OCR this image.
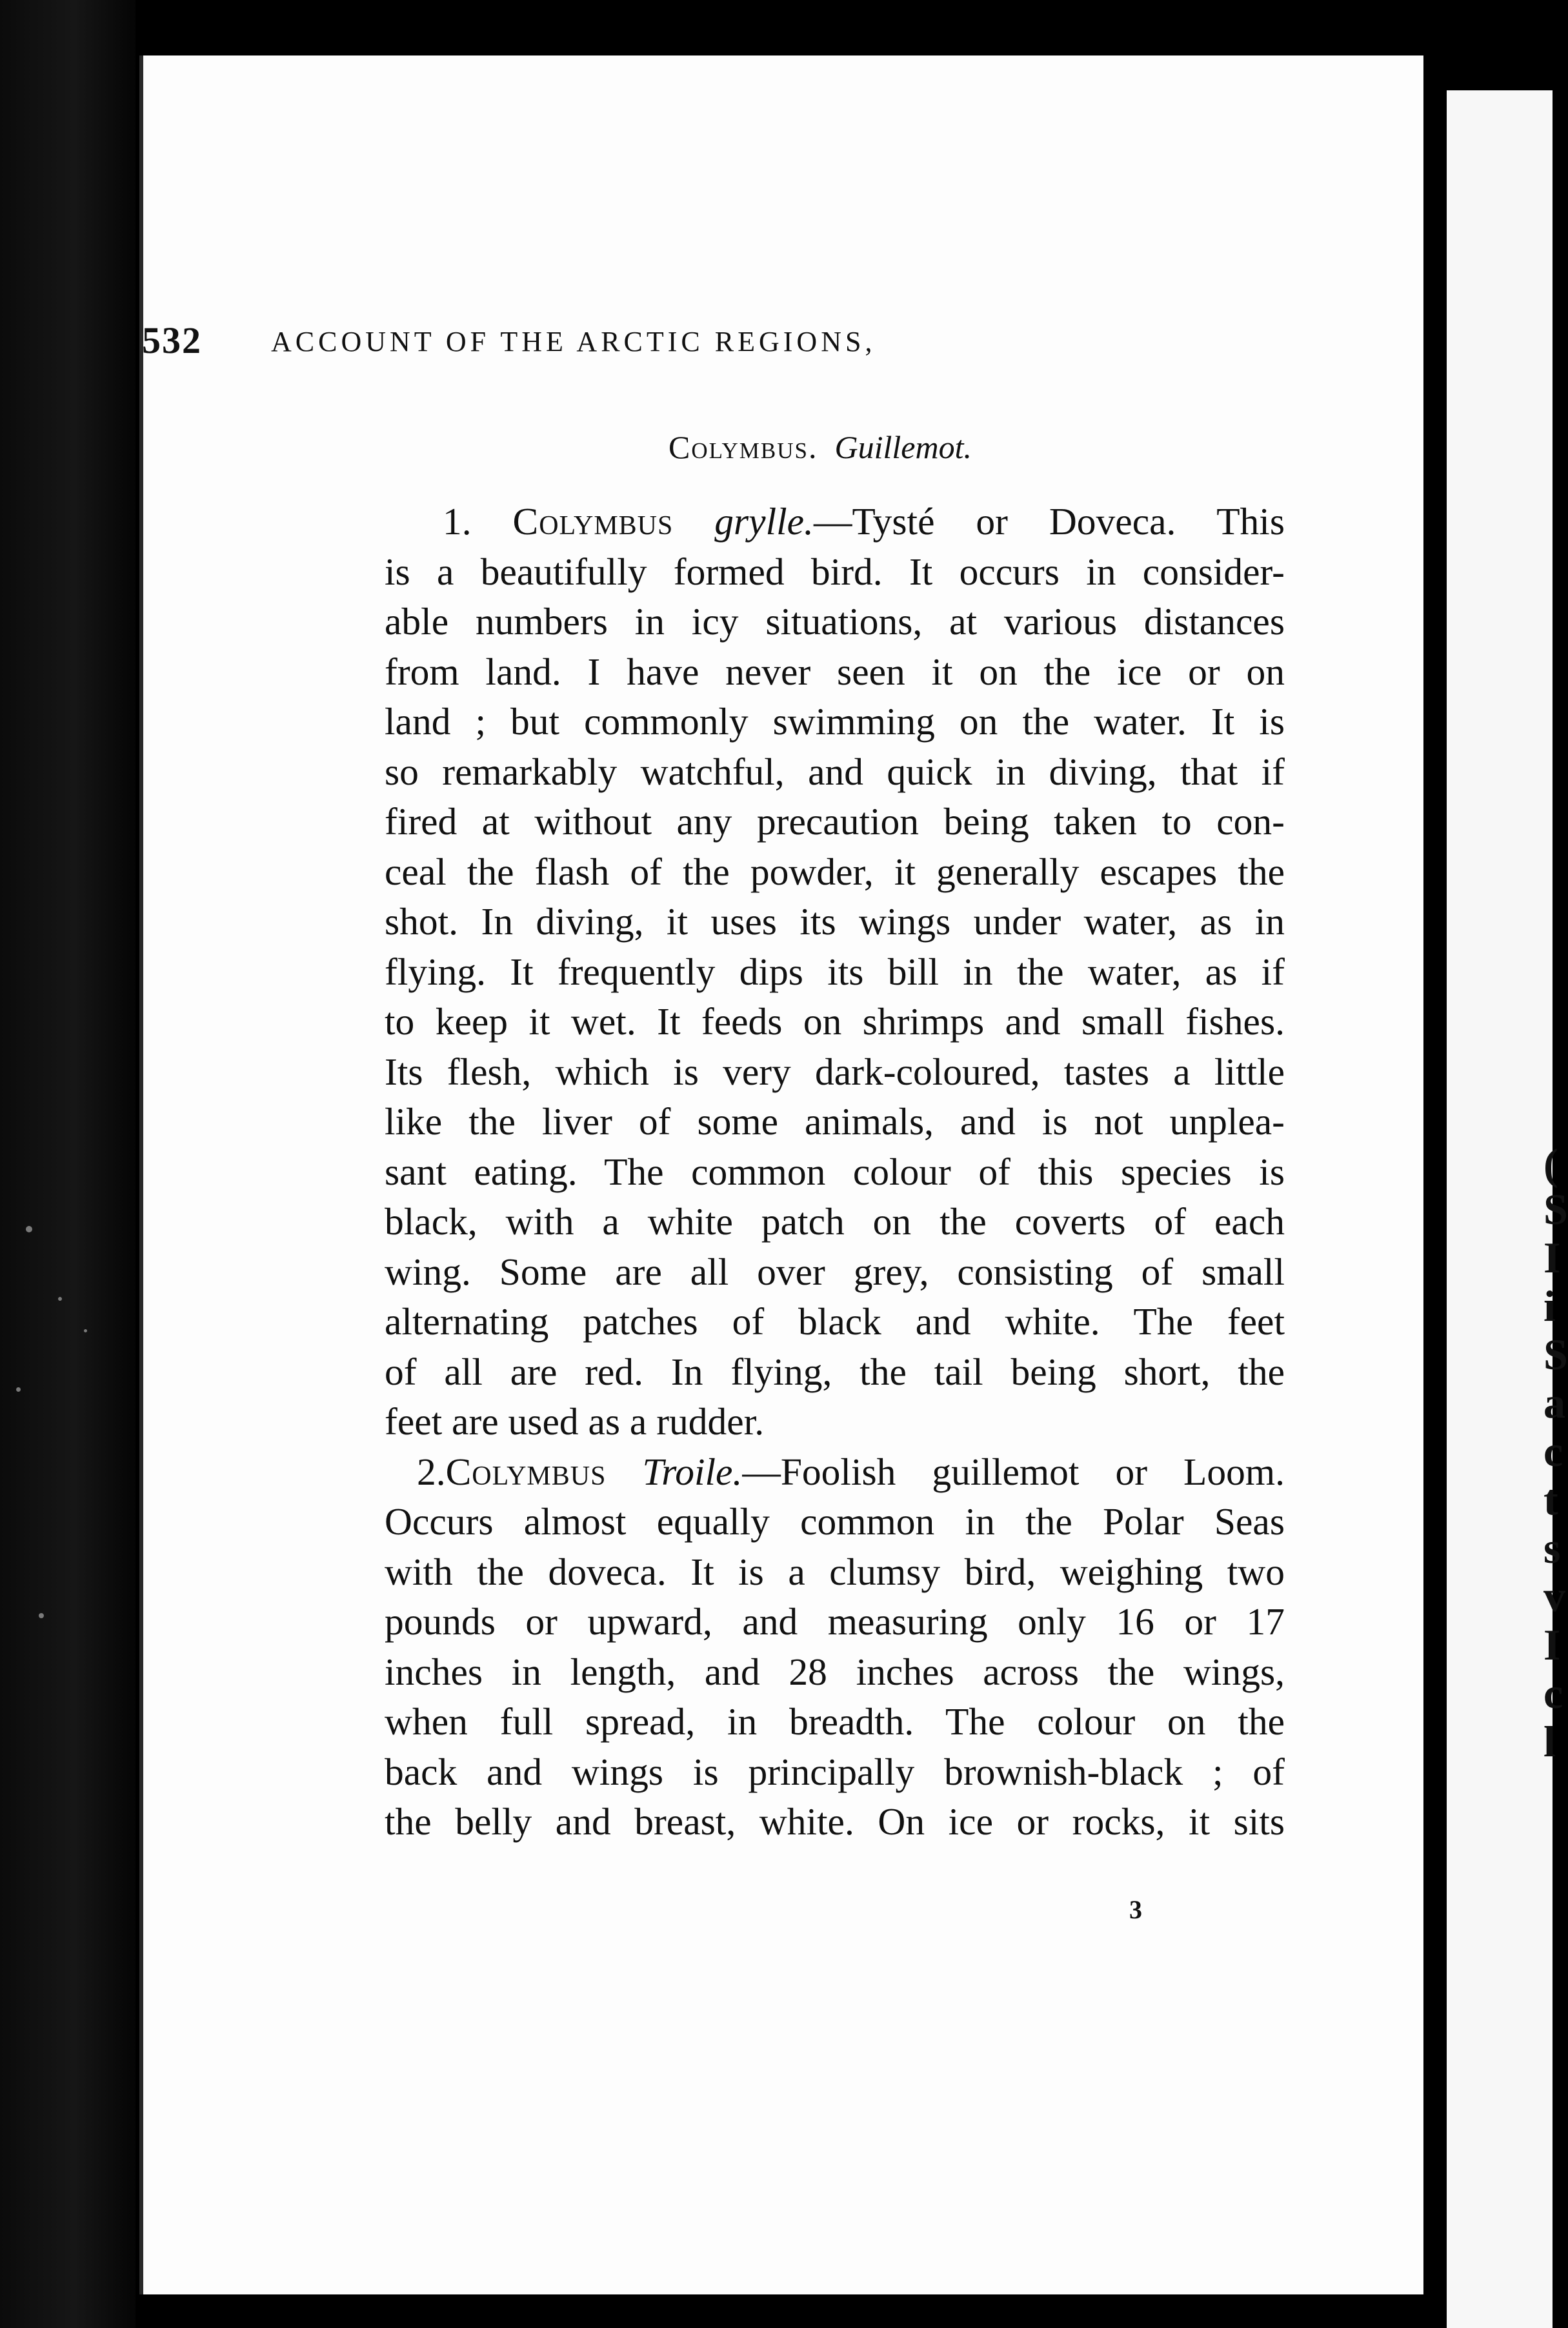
(
S
I
i
S
a
c
t
s
v
I
c
l
532 ACCOUNT OF THE ARCTIC REGIONS,
Colymbus. Guillemot.
1. Colymbus grylle.—Tysté or Doveca. This
is a beautifully formed bird. It occurs in consider-
able numbers in icy situations, at various distances
from land. I have never seen it on the ice or on
land ; but commonly swimming on the water. It is
so remarkably watchful, and quick in diving, that if
fired at without any precaution being taken to con-
ceal the flash of the powder, it generally escapes the
shot. In diving, it uses its wings under water, as in
flying. It frequently dips its bill in the water, as if
to keep it wet. It feeds on shrimps and small fishes.
Its flesh, which is very dark-coloured, tastes a little
like the liver of some animals, and is not unplea-
sant eating. The common colour of this species is
black, with a white patch on the coverts of each
wing. Some are all over grey, consisting of small
alternating patches of black and white. The feet
of all are red. In flying, the tail being short, the
feet are used as a rudder.
2.Colymbus Troile.—Foolish guillemot or Loom.
Occurs almost equally common in the Polar Seas
with the doveca. It is a clumsy bird, weighing two
pounds or upward, and measuring only 16 or 17
inches in length, and 28 inches across the wings,
when full spread, in breadth. The colour on the
back and wings is principally brownish-black ; of
the belly and breast, white. On ice or rocks, it sits
3
